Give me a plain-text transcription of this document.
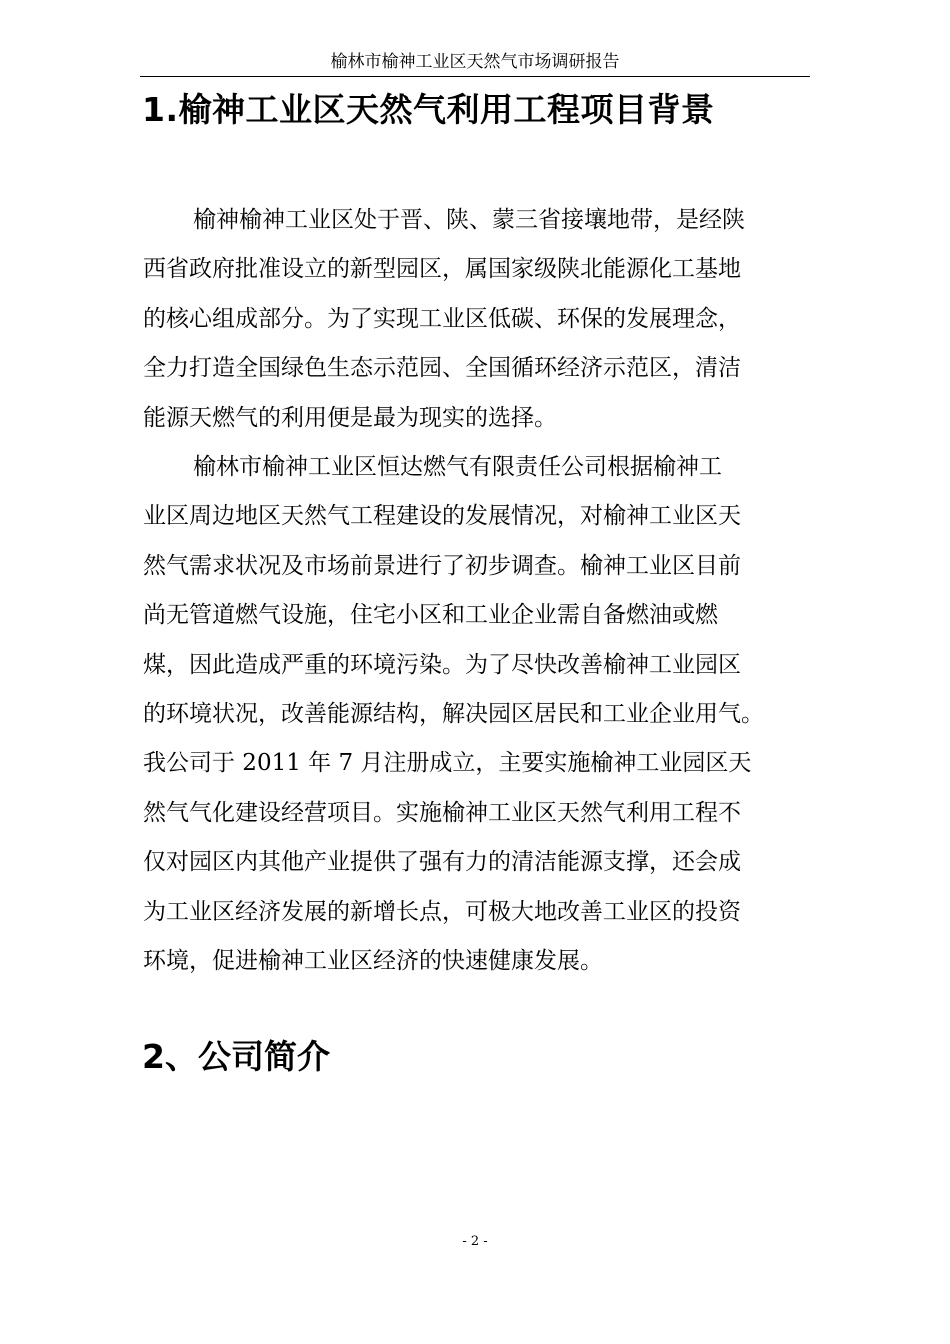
榆林市榆神工业区天然气市场调研报告
1.榆神工业区天然气利用工程项目背景
榆神榆神工业区处于晋、陕、蒙三省接壤地带，是经陕
西省政府批准设立的新型园区，属国家级陕北能源化工基地
的核心组成部分。为了实现工业区低碳、环保的发展理念，
全力打造全国绿色生态示范园、全国循环经济示范区，清洁
能源天燃气的利用便是最为现实的选择。
榆林市榆神工业区恒达燃气有限责任公司根据榆神工
业区周边地区天然气工程建设的发展情况，对榆神工业区天
然气需求状况及市场前景进行了初步调查。榆神工业区目前
尚无管道燃气设施，住宅小区和工业企业需自备燃油或燃
煤，因此造成严重的环境污染。为了尽快改善榆神工业园区
的环境状况，改善能源结构，解决园区居民和工业企业用气。
我公司于 2011 年 7 月注册成立，主要实施榆神工业园区天
然气气化建设经营项目。实施榆神工业区天然气利用工程不
仅对园区内其他产业提供了强有力的清洁能源支撑，还会成
为工业区经济发展的新增长点，可极大地改善工业区的投资
环境，促进榆神工业区经济的快速健康发展。
2、公司简介
- 2 -
